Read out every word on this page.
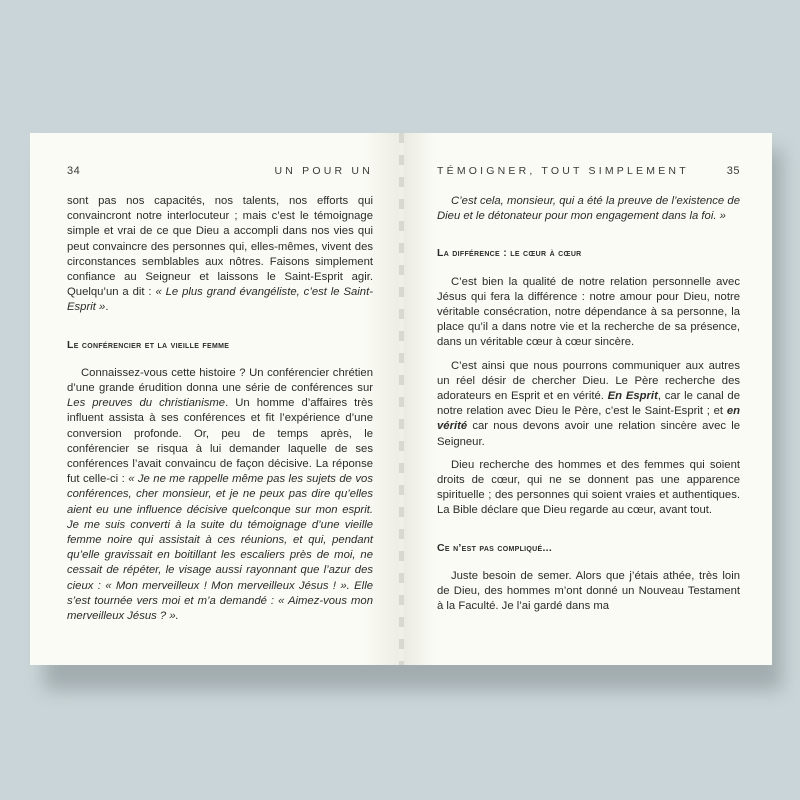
34	UN POUR UN

sont pas nos capacités, nos talents, nos efforts qui convaincront notre interlocuteur ; mais c’est le témoignage simple et vrai de ce que Dieu a accompli dans nos vies qui peut convaincre des personnes qui, elles-mêmes, vivent des circonstances semblables aux nôtres. Faisons simplement confiance au Seigneur et laissons le Saint-Esprit agir. Quelqu’un a dit : « Le plus grand évangéliste, c’est le Saint-Esprit ».

Le conférencier et la vieille femme

Connaissez-vous cette histoire ? Un conférencier chrétien d’une grande érudition donna une série de conférences sur Les preuves du christianisme. Un homme d’affaires très influent assista à ses conférences et fit l’expérience d’une conversion profonde. Or, peu de temps après, le conférencier se risqua à lui demander laquelle de ses conférences l’avait convaincu de façon décisive. La réponse fut celle-ci : « Je ne me rappelle même pas les sujets de vos conférences, cher monsieur, et je ne peux pas dire qu’elles aient eu une influence décisive quelconque sur mon esprit. Je me suis converti à la suite du témoignage d’une vieille femme noire qui assistait à ces réunions, et qui, pendant qu’elle gravissait en boitillant les escaliers près de moi, ne cessait de répéter, le visage aussi rayonnant que l’azur des cieux : « Mon merveilleux ! Mon merveilleux Jésus ! ». Elle s’est tournée vers moi et m’a demandé : « Aimez-vous mon merveilleux Jésus ? ».

TÉMOIGNER, TOUT SIMPLEMENT	35

C’est cela, monsieur, qui a été la preuve de l’existence de Dieu et le détonateur pour mon engagement dans la foi. »

La différence : le cœur à cœur

C’est bien la qualité de notre relation personnelle avec Jésus qui fera la différence : notre amour pour Dieu, notre véritable consécration, notre dépendance à sa personne, la place qu’il a dans notre vie et la recherche de sa présence, dans un véritable cœur à cœur sincère.

C’est ainsi que nous pourrons communiquer aux autres un réel désir de chercher Dieu. Le Père recherche des adorateurs en Esprit et en vérité. En Esprit, car le canal de notre relation avec Dieu le Père, c’est le Saint-Esprit ; et en vérité car nous devons avoir une relation sincère avec le Seigneur.

Dieu recherche des hommes et des femmes qui soient droits de cœur, qui ne se donnent pas une apparence spirituelle ; des personnes qui soient vraies et authentiques. La Bible déclare que Dieu regarde au cœur, avant tout.

Ce n’est pas compliqué...

Juste besoin de semer. Alors que j’étais athée, très loin de Dieu, des hommes m’ont donné un Nouveau Testament à la Faculté. Je l’ai gardé dans ma
